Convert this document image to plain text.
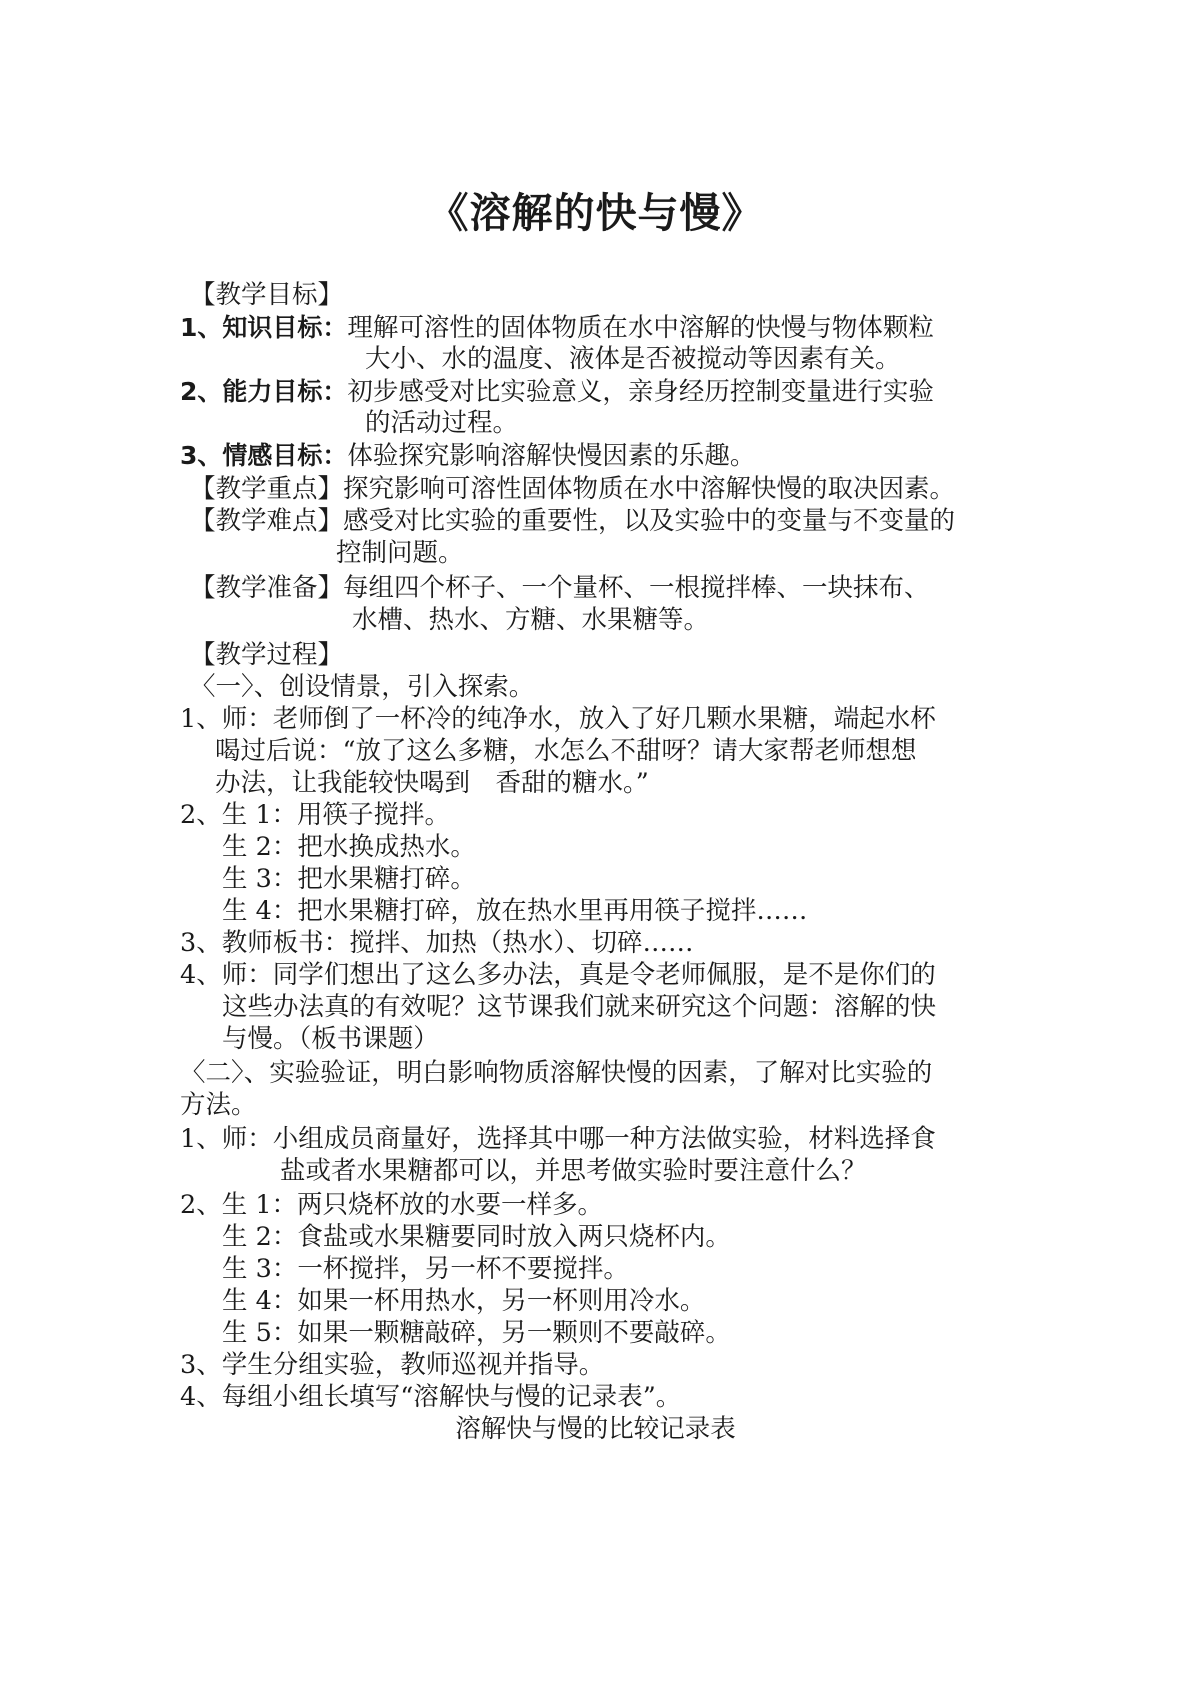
《溶解的快与慢》
【教学目标】
1、知识目标：理解可溶性的固体物质在水中溶解的快慢与物体颗粒
大小、水的温度、液体是否被搅动等因素有关。
2、能力目标：初步感受对比实验意义，亲身经历控制变量进行实验
的活动过程。
3、情感目标：体验探究影响溶解快慢因素的乐趣。
【教学重点】探究影响可溶性固体物质在水中溶解快慢的取决因素。
【教学难点】感受对比实验的重要性，以及实验中的变量与不变量的
控制问题。
【教学准备】每组四个杯子、一个量杯、一根搅拌棒、一块抹布、
水槽、热水、方糖、水果糖等。
【教学过程】
〈一〉、创设情景，引入探索。
1、师：老师倒了一杯冷的纯净水，放入了好几颗水果糖，端起水杯
喝过后说：“放了这么多糖，水怎么不甜呀？请大家帮老师想想
办法，让我能较快喝到　香甜的糖水。”
2、生 1：用筷子搅拌。
生 2：把水换成热水。
生 3：把水果糖打碎。
生 4：把水果糖打碎，放在热水里再用筷子搅拌……
3、教师板书：搅拌、加热（热水）、切碎……
4、师：同学们想出了这么多办法，真是令老师佩服，是不是你们的
这些办法真的有效呢？这节课我们就来研究这个问题：溶解的快
与慢。（板书课题）
〈二〉、实验验证，明白影响物质溶解快慢的因素，了解对比实验的
方法。
1、师：小组成员商量好，选择其中哪一种方法做实验，材料选择食
盐或者水果糖都可以，并思考做实验时要注意什么？
2、生 1：两只烧杯放的水要一样多。
生 2：食盐或水果糖要同时放入两只烧杯内。
生 3：一杯搅拌，另一杯不要搅拌。
生 4：如果一杯用热水，另一杯则用冷水。
生 5：如果一颗糖敲碎，另一颗则不要敲碎。
3、学生分组实验，教师巡视并指导。
4、每组小组长填写“溶解快与慢的记录表”。
溶解快与慢的比较记录表
